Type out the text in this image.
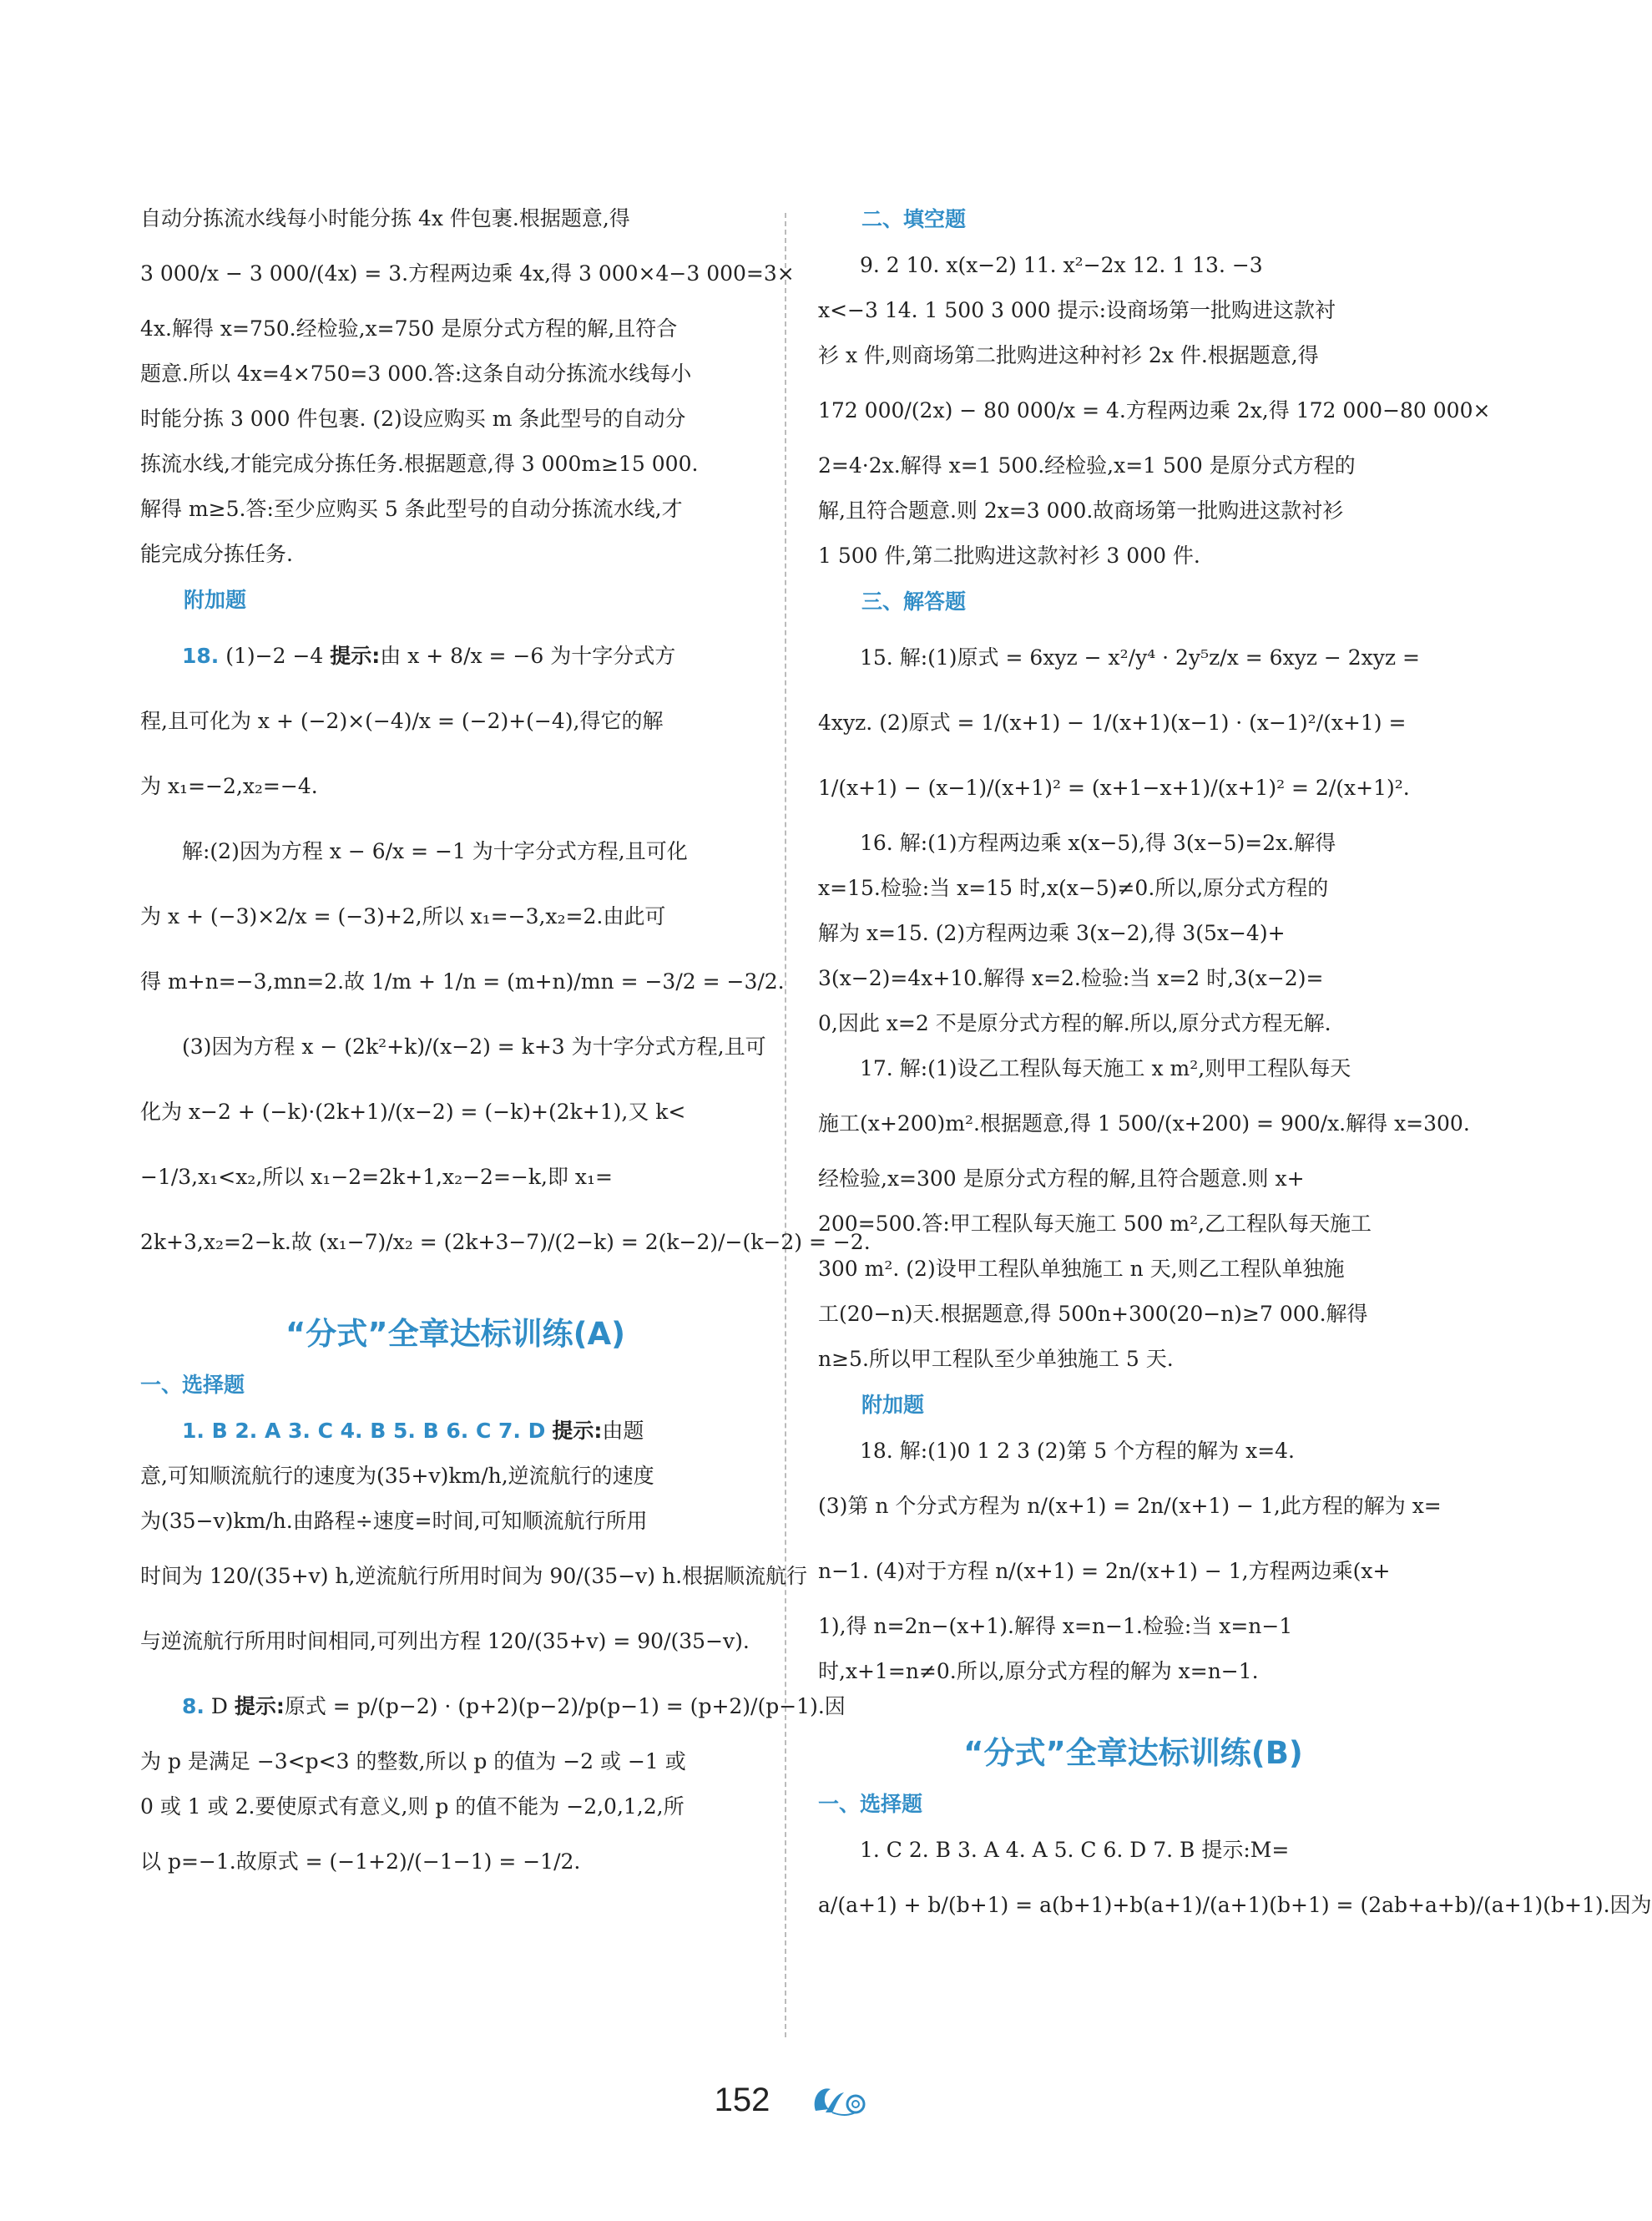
自动分拣流水线每小时能分拣 4x 件包裹.根据题意,得
3 000/x − 3 000/(4x) = 3.方程两边乘 4x,得 3 000×4−3 000=3×
4x.解得 x=750.经检验,x=750 是原分式方程的解,且符合
题意.所以 4x=4×750=3 000.答:这条自动分拣流水线每小
时能分拣 3 000 件包裹. (2)设应购买 m 条此型号的自动分
拣流水线,才能完成分拣任务.根据题意,得 3 000m≥15 000.
解得 m≥5.答:至少应购买 5 条此型号的自动分拣流水线,才
能完成分拣任务.
附加题
18. (1)−2 −4 提示:由 x + 8/x = −6 为十字分式方
程,且可化为 x + (−2)×(−4)/x = (−2)+(−4),得它的解
为 x₁=−2,x₂=−4.
解:(2)因为方程 x − 6/x = −1 为十字分式方程,且可化
为 x + (−3)×2/x = (−3)+2,所以 x₁=−3,x₂=2.由此可
得 m+n=−3,mn=2.故 1/m + 1/n = (m+n)/mn = −3/2 = −3/2.
(3)因为方程 x − (2k²+k)/(x−2) = k+3 为十字分式方程,且可
化为 x−2 + (−k)·(2k+1)/(x−2) = (−k)+(2k+1),又 k<
−1/3,x₁<x₂,所以 x₁−2=2k+1,x₂−2=−k,即 x₁=
2k+3,x₂=2−k.故 (x₁−7)/x₂ = (2k+3−7)/(2−k) = 2(k−2)/−(k−2) = −2.
“分式”全章达标训练(A)
一、选择题
1. B 2. A 3. C 4. B 5. B 6. C 7. D 提示:由题
意,可知顺流航行的速度为(35+v)km/h,逆流航行的速度
为(35−v)km/h.由路程÷速度=时间,可知顺流航行所用
时间为 120/(35+v) h,逆流航行所用时间为 90/(35−v) h.根据顺流航行
与逆流航行所用时间相同,可列出方程 120/(35+v) = 90/(35−v).
8. D 提示:原式 = p/(p−2) · (p+2)(p−2)/p(p−1) = (p+2)/(p−1).因
为 p 是满足 −3<p<3 的整数,所以 p 的值为 −2 或 −1 或
0 或 1 或 2.要使原式有意义,则 p 的值不能为 −2,0,1,2,所
以 p=−1.故原式 = (−1+2)/(−1−1) = −1/2.
二、填空题
9. 2 10. x(x−2) 11. x²−2x 12. 1 13. −3
x<−3 14. 1 500 3 000 提示:设商场第一批购进这款衬
衫 x 件,则商场第二批购进这种衬衫 2x 件.根据题意,得
172 000/(2x) − 80 000/x = 4.方程两边乘 2x,得 172 000−80 000×
2=4·2x.解得 x=1 500.经检验,x=1 500 是原分式方程的
解,且符合题意.则 2x=3 000.故商场第一批购进这款衬衫
1 500 件,第二批购进这款衬衫 3 000 件.
三、解答题
15. 解:(1)原式 = 6xyz − x²/y⁴ · 2y⁵z/x = 6xyz − 2xyz =
4xyz. (2)原式 = 1/(x+1) − 1/(x+1)(x−1) · (x−1)²/(x+1) =
1/(x+1) − (x−1)/(x+1)² = (x+1−x+1)/(x+1)² = 2/(x+1)².
16. 解:(1)方程两边乘 x(x−5),得 3(x−5)=2x.解得
x=15.检验:当 x=15 时,x(x−5)≠0.所以,原分式方程的
解为 x=15. (2)方程两边乘 3(x−2),得 3(5x−4)+
3(x−2)=4x+10.解得 x=2.检验:当 x=2 时,3(x−2)=
0,因此 x=2 不是原分式方程的解.所以,原分式方程无解.
17. 解:(1)设乙工程队每天施工 x m²,则甲工程队每天
施工(x+200)m².根据题意,得 1 500/(x+200) = 900/x.解得 x=300.
经检验,x=300 是原分式方程的解,且符合题意.则 x+
200=500.答:甲工程队每天施工 500 m²,乙工程队每天施工
300 m². (2)设甲工程队单独施工 n 天,则乙工程队单独施
工(20−n)天.根据题意,得 500n+300(20−n)≥7 000.解得
n≥5.所以甲工程队至少单独施工 5 天.
附加题
18. 解:(1)0 1 2 3 (2)第 5 个方程的解为 x=4.
(3)第 n 个分式方程为 n/(x+1) = 2n/(x+1) − 1,此方程的解为 x=
n−1. (4)对于方程 n/(x+1) = 2n/(x+1) − 1,方程两边乘(x+
1),得 n=2n−(x+1).解得 x=n−1.检验:当 x=n−1
时,x+1=n≠0.所以,原分式方程的解为 x=n−1.
“分式”全章达标训练(B)
一、选择题
1. C 2. B 3. A 4. A 5. C 6. D 7. B 提示:M=
a/(a+1) + b/(b+1) = a(b+1)+b(a+1)/(a+1)(b+1) = (2ab+a+b)/(a+1)(b+1).因为
152
